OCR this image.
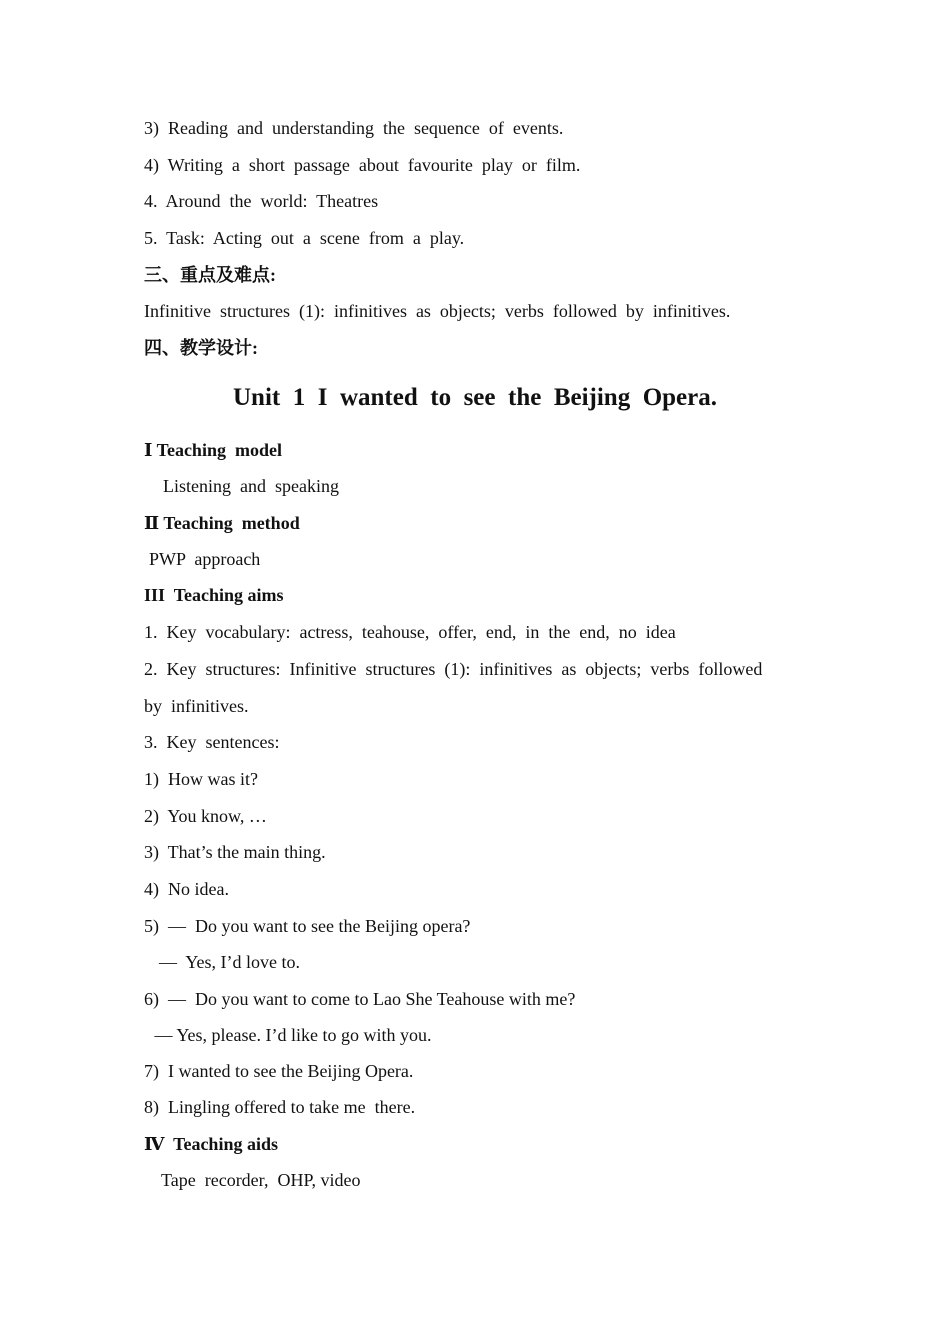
3)  Reading  and  understanding  the  sequence  of  events.
4)  Writing  a  short  passage  about  favourite  play  or  film.
4.  Around  the  world:  Theatres
5.  Task:  Acting  out  a  scene  from  a  play.
三、重点及难点:
Infinitive  structures  (1):  infinitives  as  objects;  verbs  followed  by  infinitives.
四、教学设计:
Unit  1  I  wanted  to  see  the  Beijing  Opera.
Ⅰ Teaching  model
Listening  and  speaking
Ⅱ Teaching  method
PWP  approach
III  Teaching aims
1.  Key  vocabulary:  actress,  teahouse,  offer,  end,  in  the  end,  no  idea
2.  Key  structures:  Infinitive  structures  (1):  infinitives  as  objects;  verbs  followed
by  infinitives.
3.  Key  sentences:
1)  How was it?
2)  You know, …
3)  That’s the main thing.
4)  No idea.
5)  —  Do you want to see the Beijing opera?
—  Yes, I’d love to.
6)  —  Do you want to come to Lao She Teahouse with me?
— Yes, please. I’d like to go with you.
7)  I wanted to see the Beijing Opera.
8)  Lingling offered to take me  there.
Ⅳ  Teaching aids
Tape  recorder,  OHP, video
